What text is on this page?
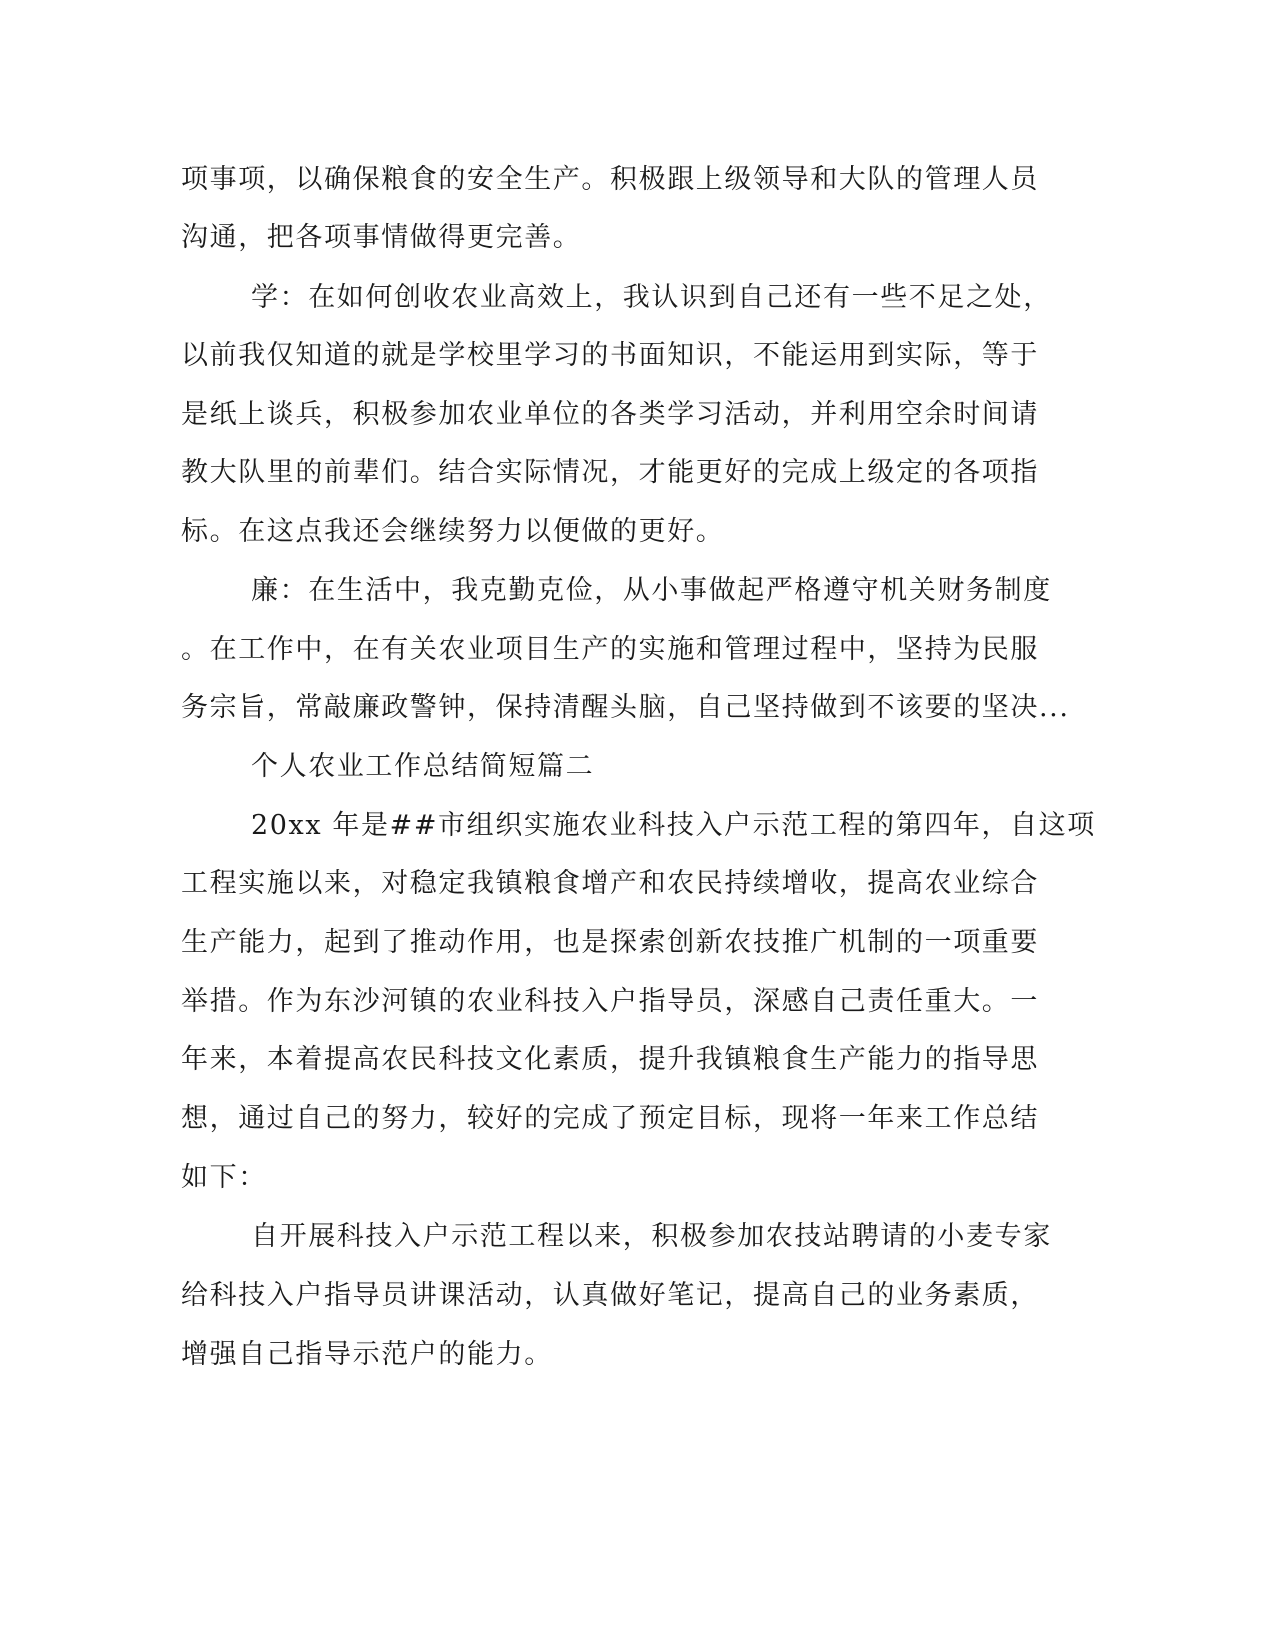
项事项，以确保粮食的安全生产。积极跟上级领导和大队的管理人员
沟通，把各项事情做得更完善。
学：在如何创收农业高效上，我认识到自己还有一些不足之处，
以前我仅知道的就是学校里学习的书面知识，不能运用到实际，等于
是纸上谈兵，积极参加农业单位的各类学习活动，并利用空余时间请
教大队里的前辈们。结合实际情况，才能更好的完成上级定的各项指
标。在这点我还会继续努力以便做的更好。
廉：在生活中，我克勤克俭，从小事做起严格遵守机关财务制度
。在工作中，在有关农业项目生产的实施和管理过程中，坚持为民服
务宗旨，常敲廉政警钟，保持清醒头脑，自己坚持做到不该要的坚决...
个人农业工作总结简短篇二
20xx 年是##市组织实施农业科技入户示范工程的第四年，自这项
工程实施以来，对稳定我镇粮食增产和农民持续增收，提高农业综合
生产能力，起到了推动作用，也是探索创新农技推广机制的一项重要
举措。作为东沙河镇的农业科技入户指导员，深感自己责任重大。一
年来，本着提高农民科技文化素质，提升我镇粮食生产能力的指导思
想，通过自己的努力，较好的完成了预定目标，现将一年来工作总结
如下：
自开展科技入户示范工程以来，积极参加农技站聘请的小麦专家
给科技入户指导员讲课活动，认真做好笔记，提高自己的业务素质，
增强自己指导示范户的能力。
